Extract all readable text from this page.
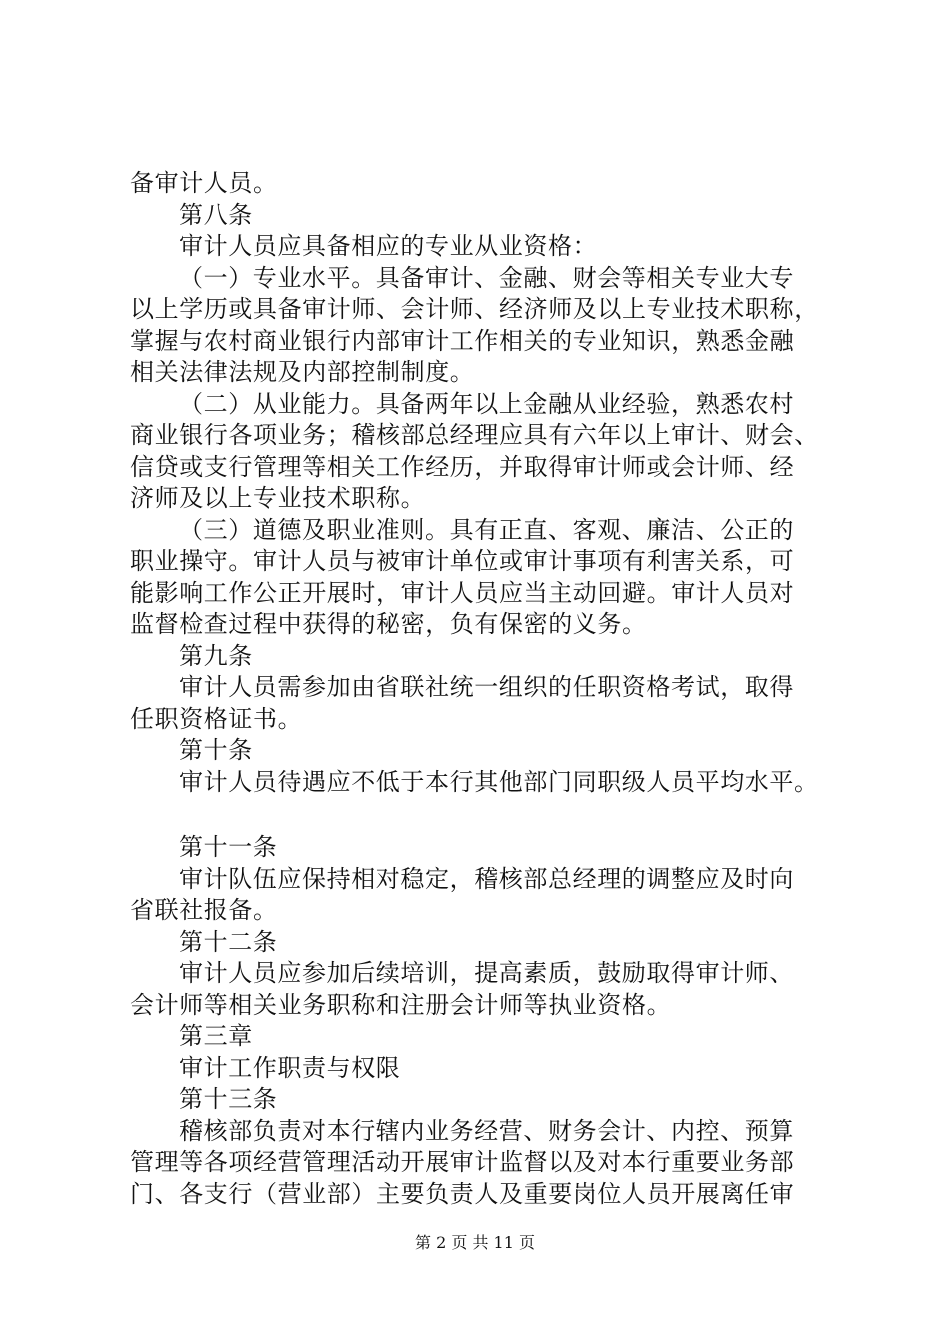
备审计人员。
第八条
审计人员应具备相应的专业从业资格：
（一）专业水平。具备审计、金融、财会等相关专业大专
以上学历或具备审计师、会计师、经济师及以上专业技术职称，
掌握与农村商业银行内部审计工作相关的专业知识，熟悉金融
相关法律法规及内部控制制度。
（二）从业能力。具备两年以上金融从业经验，熟悉农村
商业银行各项业务；稽核部总经理应具有六年以上审计、财会、
信贷或支行管理等相关工作经历，并取得审计师或会计师、经
济师及以上专业技术职称。
（三）道德及职业准则。具有正直、客观、廉洁、公正的
职业操守。审计人员与被审计单位或审计事项有利害关系，可
能影响工作公正开展时，审计人员应当主动回避。审计人员对
监督检查过程中获得的秘密，负有保密的义务。
第九条
审计人员需参加由省联社统一组织的任职资格考试，取得
任职资格证书。
第十条
审计人员待遇应不低于本行其他部门同职级人员平均水平。
第十一条
审计队伍应保持相对稳定，稽核部总经理的调整应及时向
省联社报备。
第十二条
审计人员应参加后续培训，提高素质，鼓励取得审计师、
会计师等相关业务职称和注册会计师等执业资格。
第三章
审计工作职责与权限
第十三条
稽核部负责对本行辖内业务经营、财务会计、内控、预算
管理等各项经营管理活动开展审计监督以及对本行重要业务部
门、各支行（营业部）主要负责人及重要岗位人员开展离任审
第 2 页 共 11 页
